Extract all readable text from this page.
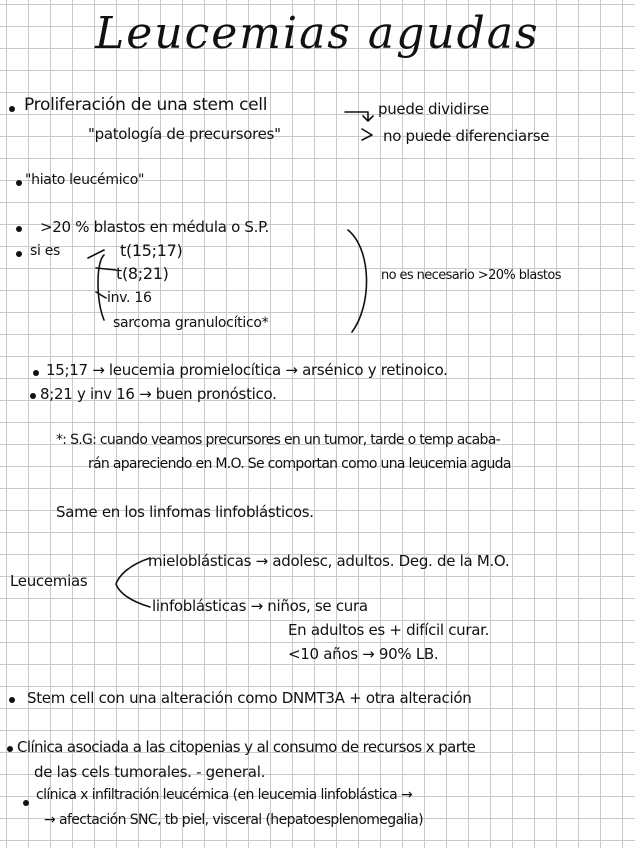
Leucemias agudas
Proliferación de una stem cell
"patología de precursores"
puede dividirse
no puede diferenciarse
"hiato leucémico"
>20 % blastos en médula o S.P.
si es	t(15;17)
t(8;21)
inv. 16
sarcoma granulocítico*
no es necesario >20% blastos
15;17 → leucemia promielocítica → arsénico y retinoico.
8;21 y inv 16 → buen pronóstico.
*: S.G: cuando veamos precursores en un tumor, tarde o temp acaba-
rán apareciendo en M.O. Se comportan como una leucemia aguda
Same en los linfomas linfoblásticos.
Leucemias
mieloblásticas → adolesc, adultos. Deg. de la M.O.
linfoblásticas → niños, se cura
En adultos es + difícil curar.
<10 años → 90% LB.
Stem cell con una alteración como DNMT3A + otra alteración
Clínica asociada a las citopenias y al consumo de recursos x parte
de las cels tumorales. - general.
clínica x infiltración leucémica (en leucemia linfoblástica →
→ afectación SNC, tb piel, visceral (hepatoesplenomegalia)
